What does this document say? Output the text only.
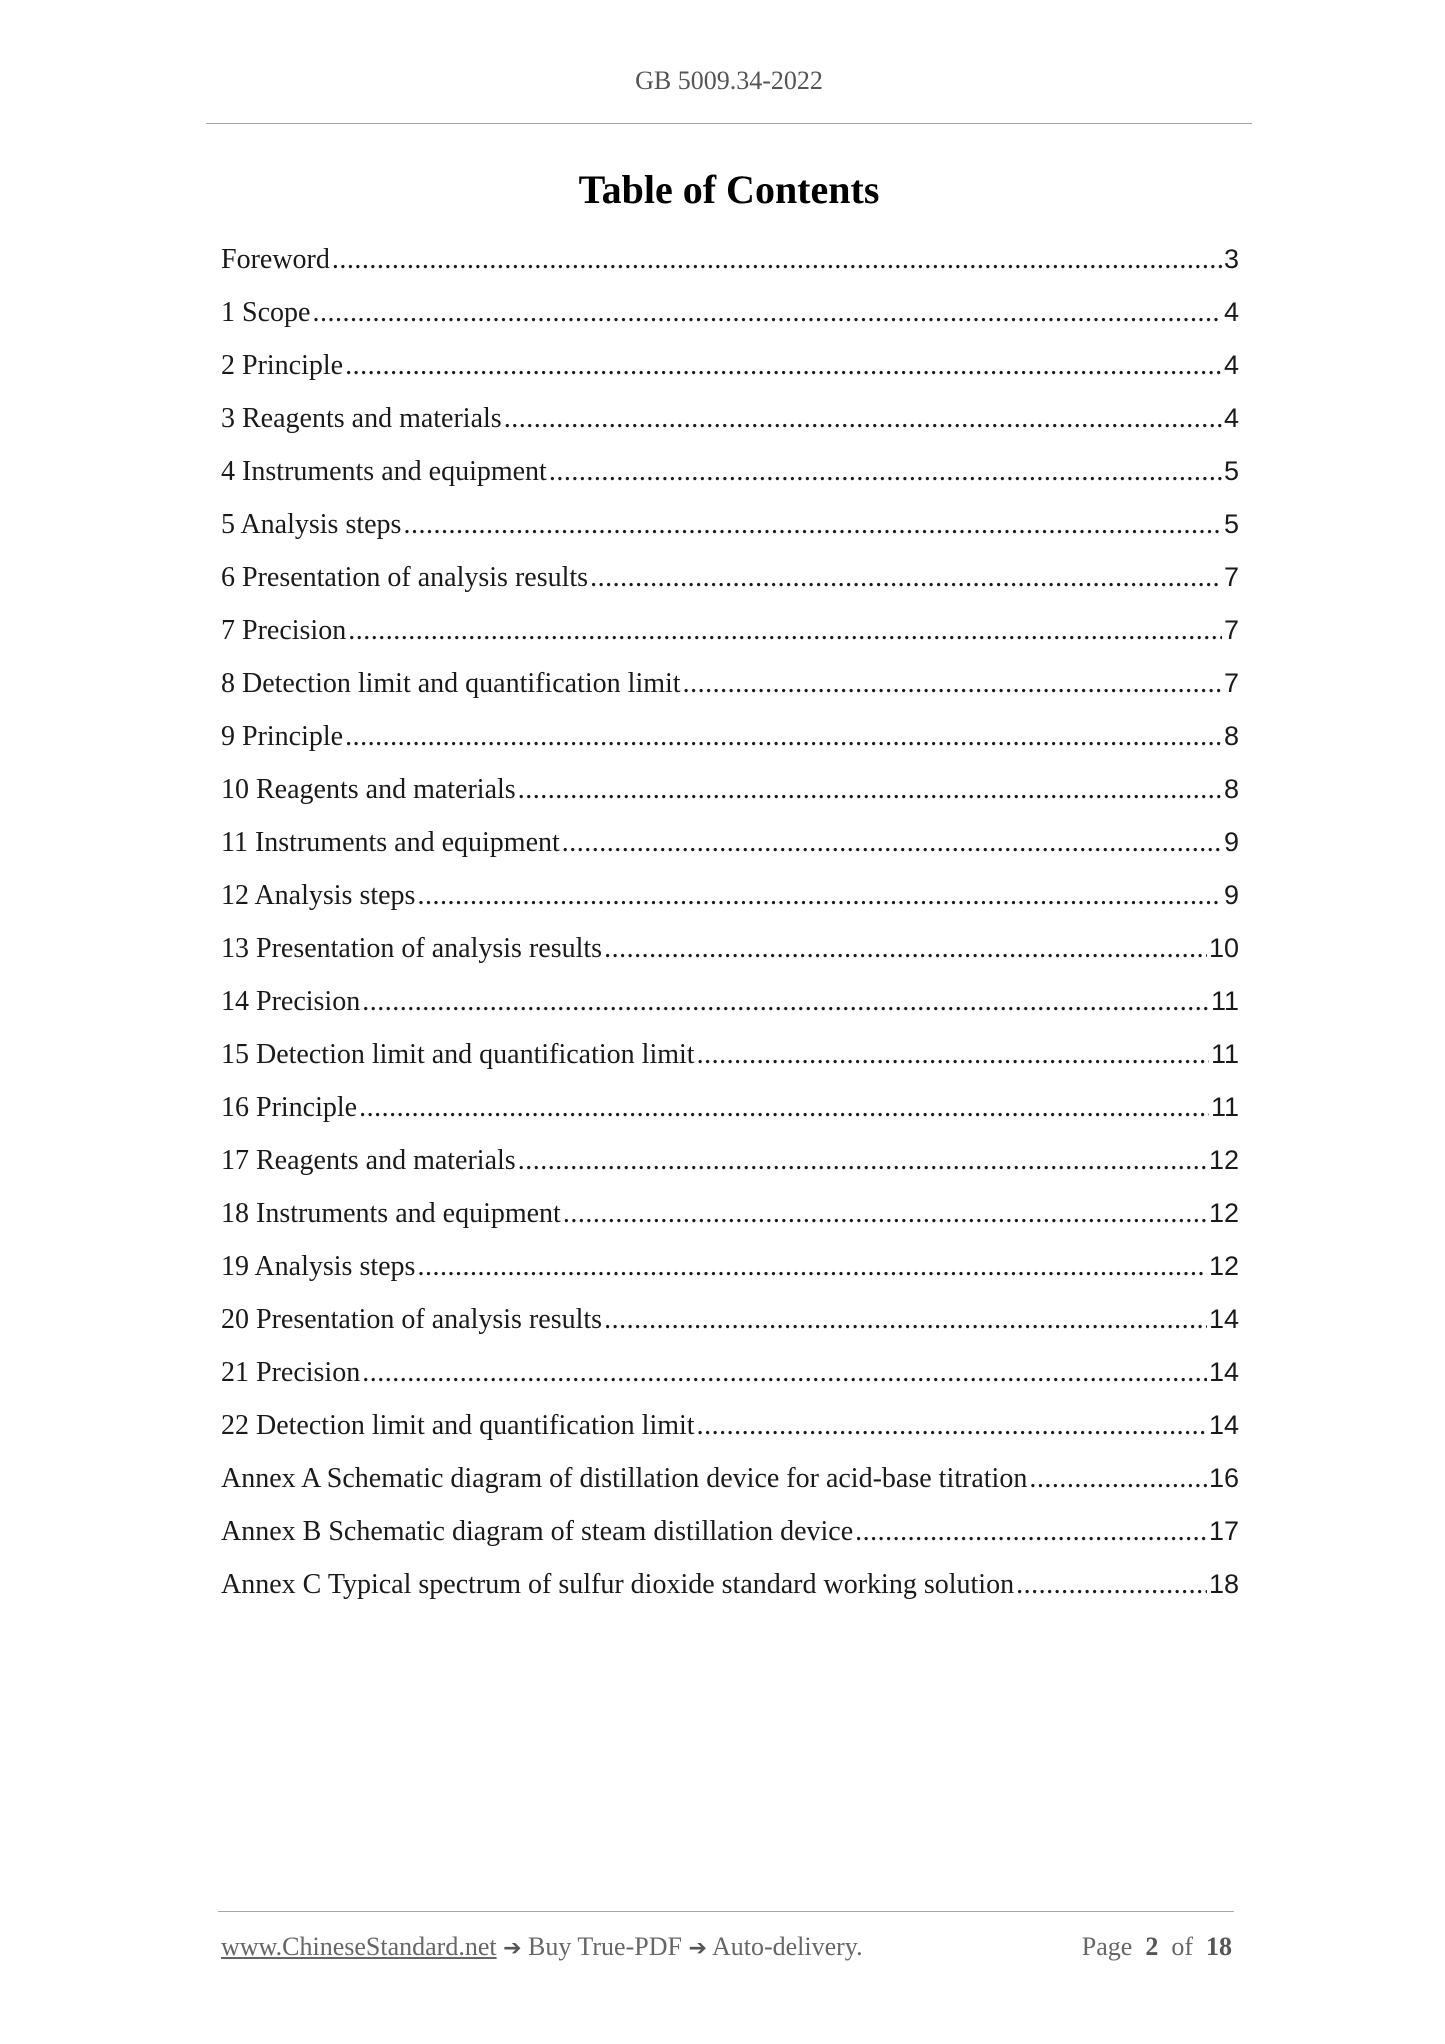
GB 5009.34-2022
Table of Contents
Foreword .....	3
1 Scope .....	4
2 Principle .....	4
3 Reagents and materials .....	4
4 Instruments and equipment .....	5
5 Analysis steps .....	5
6 Presentation of analysis results .....	7
7 Precision .....	7
8 Detection limit and quantification limit .....	7
9 Principle .....	8
10 Reagents and materials .....	8
11 Instruments and equipment .....	9
12 Analysis steps .....	9
13 Presentation of analysis results .....	10
14 Precision .....	11
15 Detection limit and quantification limit .....	11
16 Principle .....	11
17 Reagents and materials .....	12
18 Instruments and equipment .....	12
19 Analysis steps .....	12
20 Presentation of analysis results .....	14
21 Precision .....	14
22 Detection limit and quantification limit .....	14
Annex A Schematic diagram of distillation device for acid-base titration .....	16
Annex B Schematic diagram of steam distillation device .....	17
Annex C Typical spectrum of sulfur dioxide standard working solution .....	18
www.ChineseStandard.net ➔ Buy True-PDF ➔ Auto-delivery.	Page 2 of 18
